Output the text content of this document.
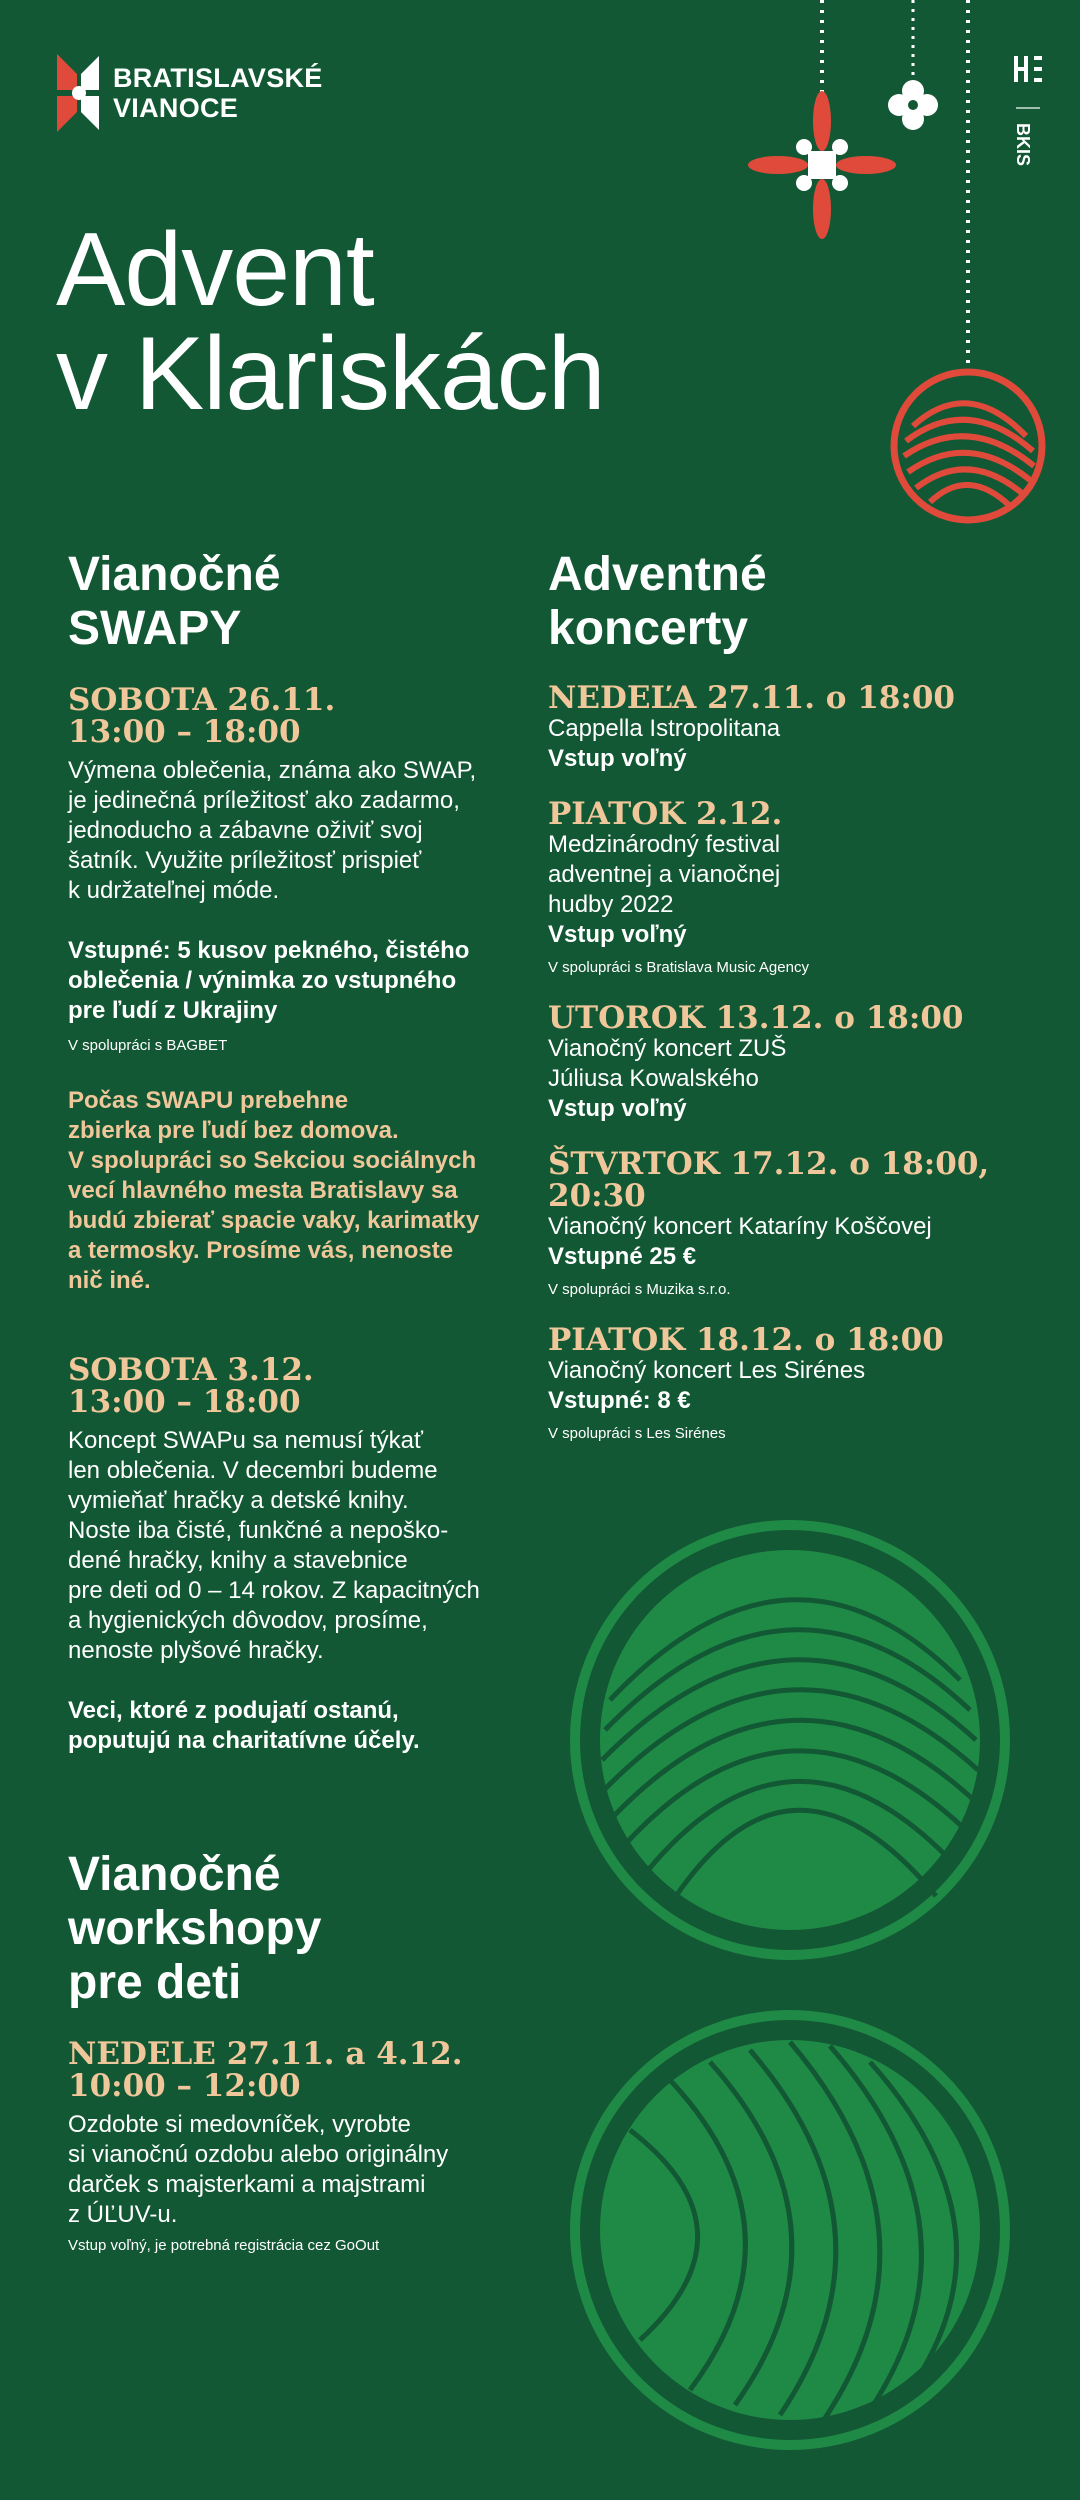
BRATISLAVSKÉ
VIANOCE
BKIS
Advent
v Klariskách
Vianočné
SWAPY

SOBOTA 26.11.

13:00 – 18:00

Výmena oblečenia, známa ako SWAP,
je jedinečná príležitosť ako zadarmo,
jednoducho a zábavne oživiť svoj
šatník. Využite príležitosť prispieť
k udržateľnej móde.
Vstupné: 5 kusov pekného, čistého
oblečenia / výnimka zo vstupného
pre ľudí z Ukrajiny

V spolupráci s BAGBET

Počas SWAPU prebehne
zbierka pre ľudí bez domova.
V spolupráci so Sekciou sociálnych
vecí hlavného mesta Bratislavy sa
budú zbierať spacie vaky, karimatky
a termosky. Prosíme vás, nenoste
nič iné.

SOBOTA 3.12.

13:00 – 18:00

Koncept SWAPu sa nemusí týkať
len oblečenia. V decembri budeme
vymieňať hračky a detské knihy.
Noste iba čisté, funkčné a nepoško-
dené hračky, knihy a stavebnice
pre deti od 0 – 14 rokov. Z kapacitných
a hygienických dôvodov, prosíme,
nenoste plyšové hračky.
Veci, ktoré z podujatí ostanú,
poputujú na charitatívne účely.
Vianočné
workshopy
pre deti

NEDELE 27.11. a 4.12.

10:00 – 12:00

Ozdobte si medovníček, vyrobte
si vianočnú ozdobu alebo originálny
darček s majsterkami a majstrami
z ÚĽUV-u.

Vstup voľný, je potrebná registrácia cez GoOut

Adventné
koncerty

NEDEĽA 27.11. o 18:00

Cappella Istropolitana
Vstup voľný

PIATOK 2.12.

Medzinárodný festival
adventnej a vianočnej
hudby 2022
Vstup voľný

V spolupráci s Bratislava Music Agency

UTOROK 13.12. o 18:00

Vianočný koncert ZUŠ
Júliusa Kowalského
Vstup voľný

ŠTVRTOK 17.12. o 18:00, 20:30

Vianočný koncert Kataríny Koščovej
Vstupné 25 €

V spolupráci s Muzika s.r.o.

PIATOK 18.12. o 18:00

Vianočný koncert Les Sirénes
Vstupné: 8 €

V spolupráci s Les Sirénes
